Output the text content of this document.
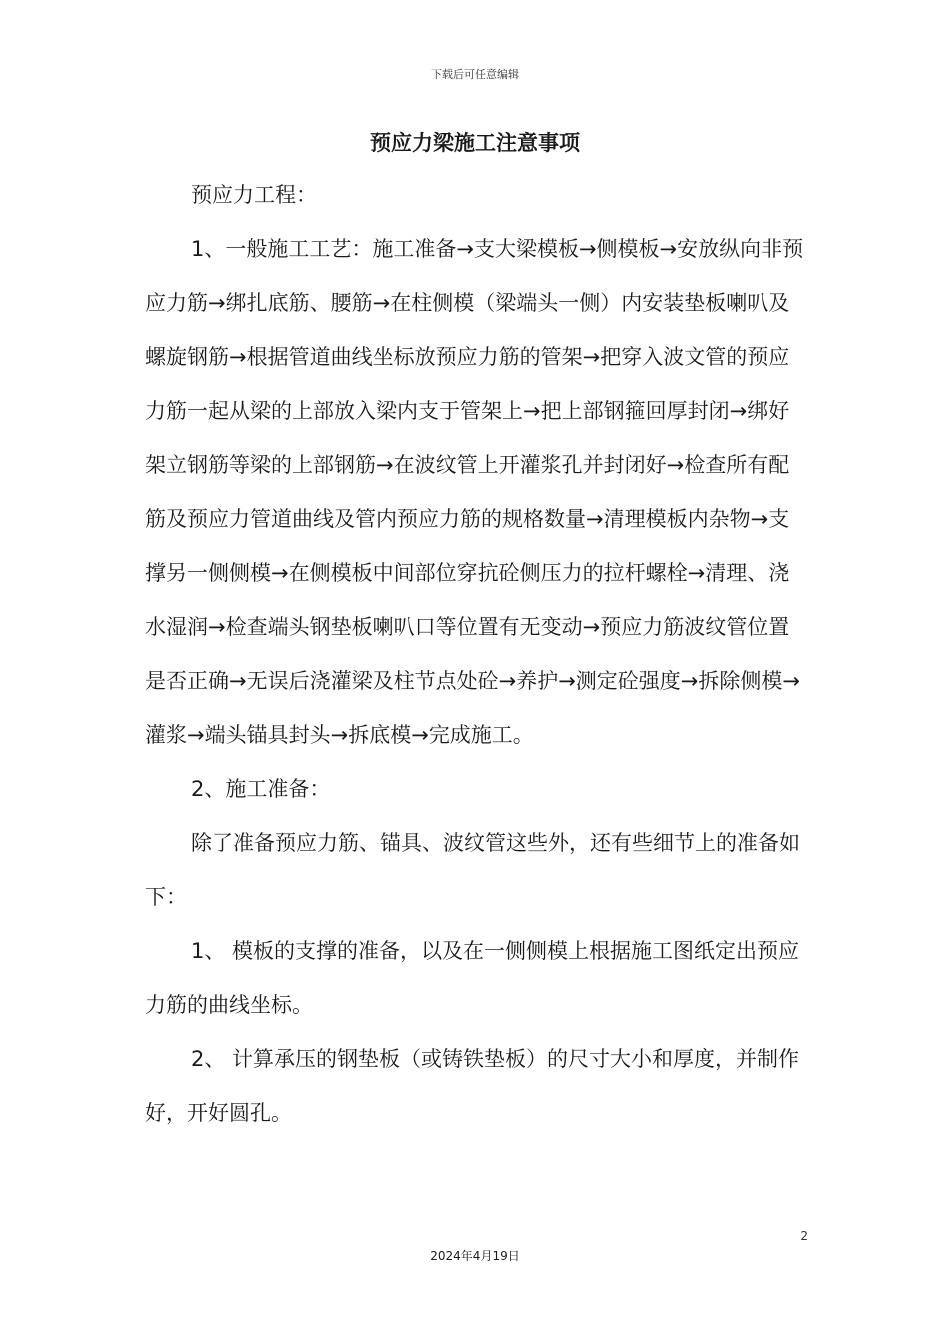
下载后可任意编辑
预应力梁施工注意事项

预应力工程：

1、一般施工工艺：施工准备→支大梁模板→侧模板→安放纵向非预应力筋→绑扎底筋、腰筋→在柱侧模（梁端头一侧）内安装垫板喇叭及螺旋钢筋→根据管道曲线坐标放预应力筋的管架→把穿入波文管的预应力筋一起从梁的上部放入梁内支于管架上→把上部钢箍回厚封闭→绑好架立钢筋等梁的上部钢筋→在波纹管上开灌浆孔并封闭好→检查所有配筋及预应力管道曲线及管内预应力筋的规格数量→清理模板内杂物→支撑另一侧侧模→在侧模板中间部位穿抗砼侧压力的拉杆螺栓→清理、浇水湿润→检查端头钢垫板喇叭口等位置有无变动→预应力筋波纹管位置是否正确→无误后浇灌梁及柱节点处砼→养护→测定砼强度→拆除侧模→灌浆→端头锚具封头→拆底模→完成施工。

2、施工准备：

除了准备预应力筋、锚具、波纹管这些外，还有些细节上的准备如下：

1、 模板的支撑的准备，以及在一侧侧模上根据施工图纸定出预应力筋的曲线坐标。

2、 计算承压的钢垫板（或铸铁垫板）的尺寸大小和厚度，并制作好，开好圆孔。

2
2024年4月19日
